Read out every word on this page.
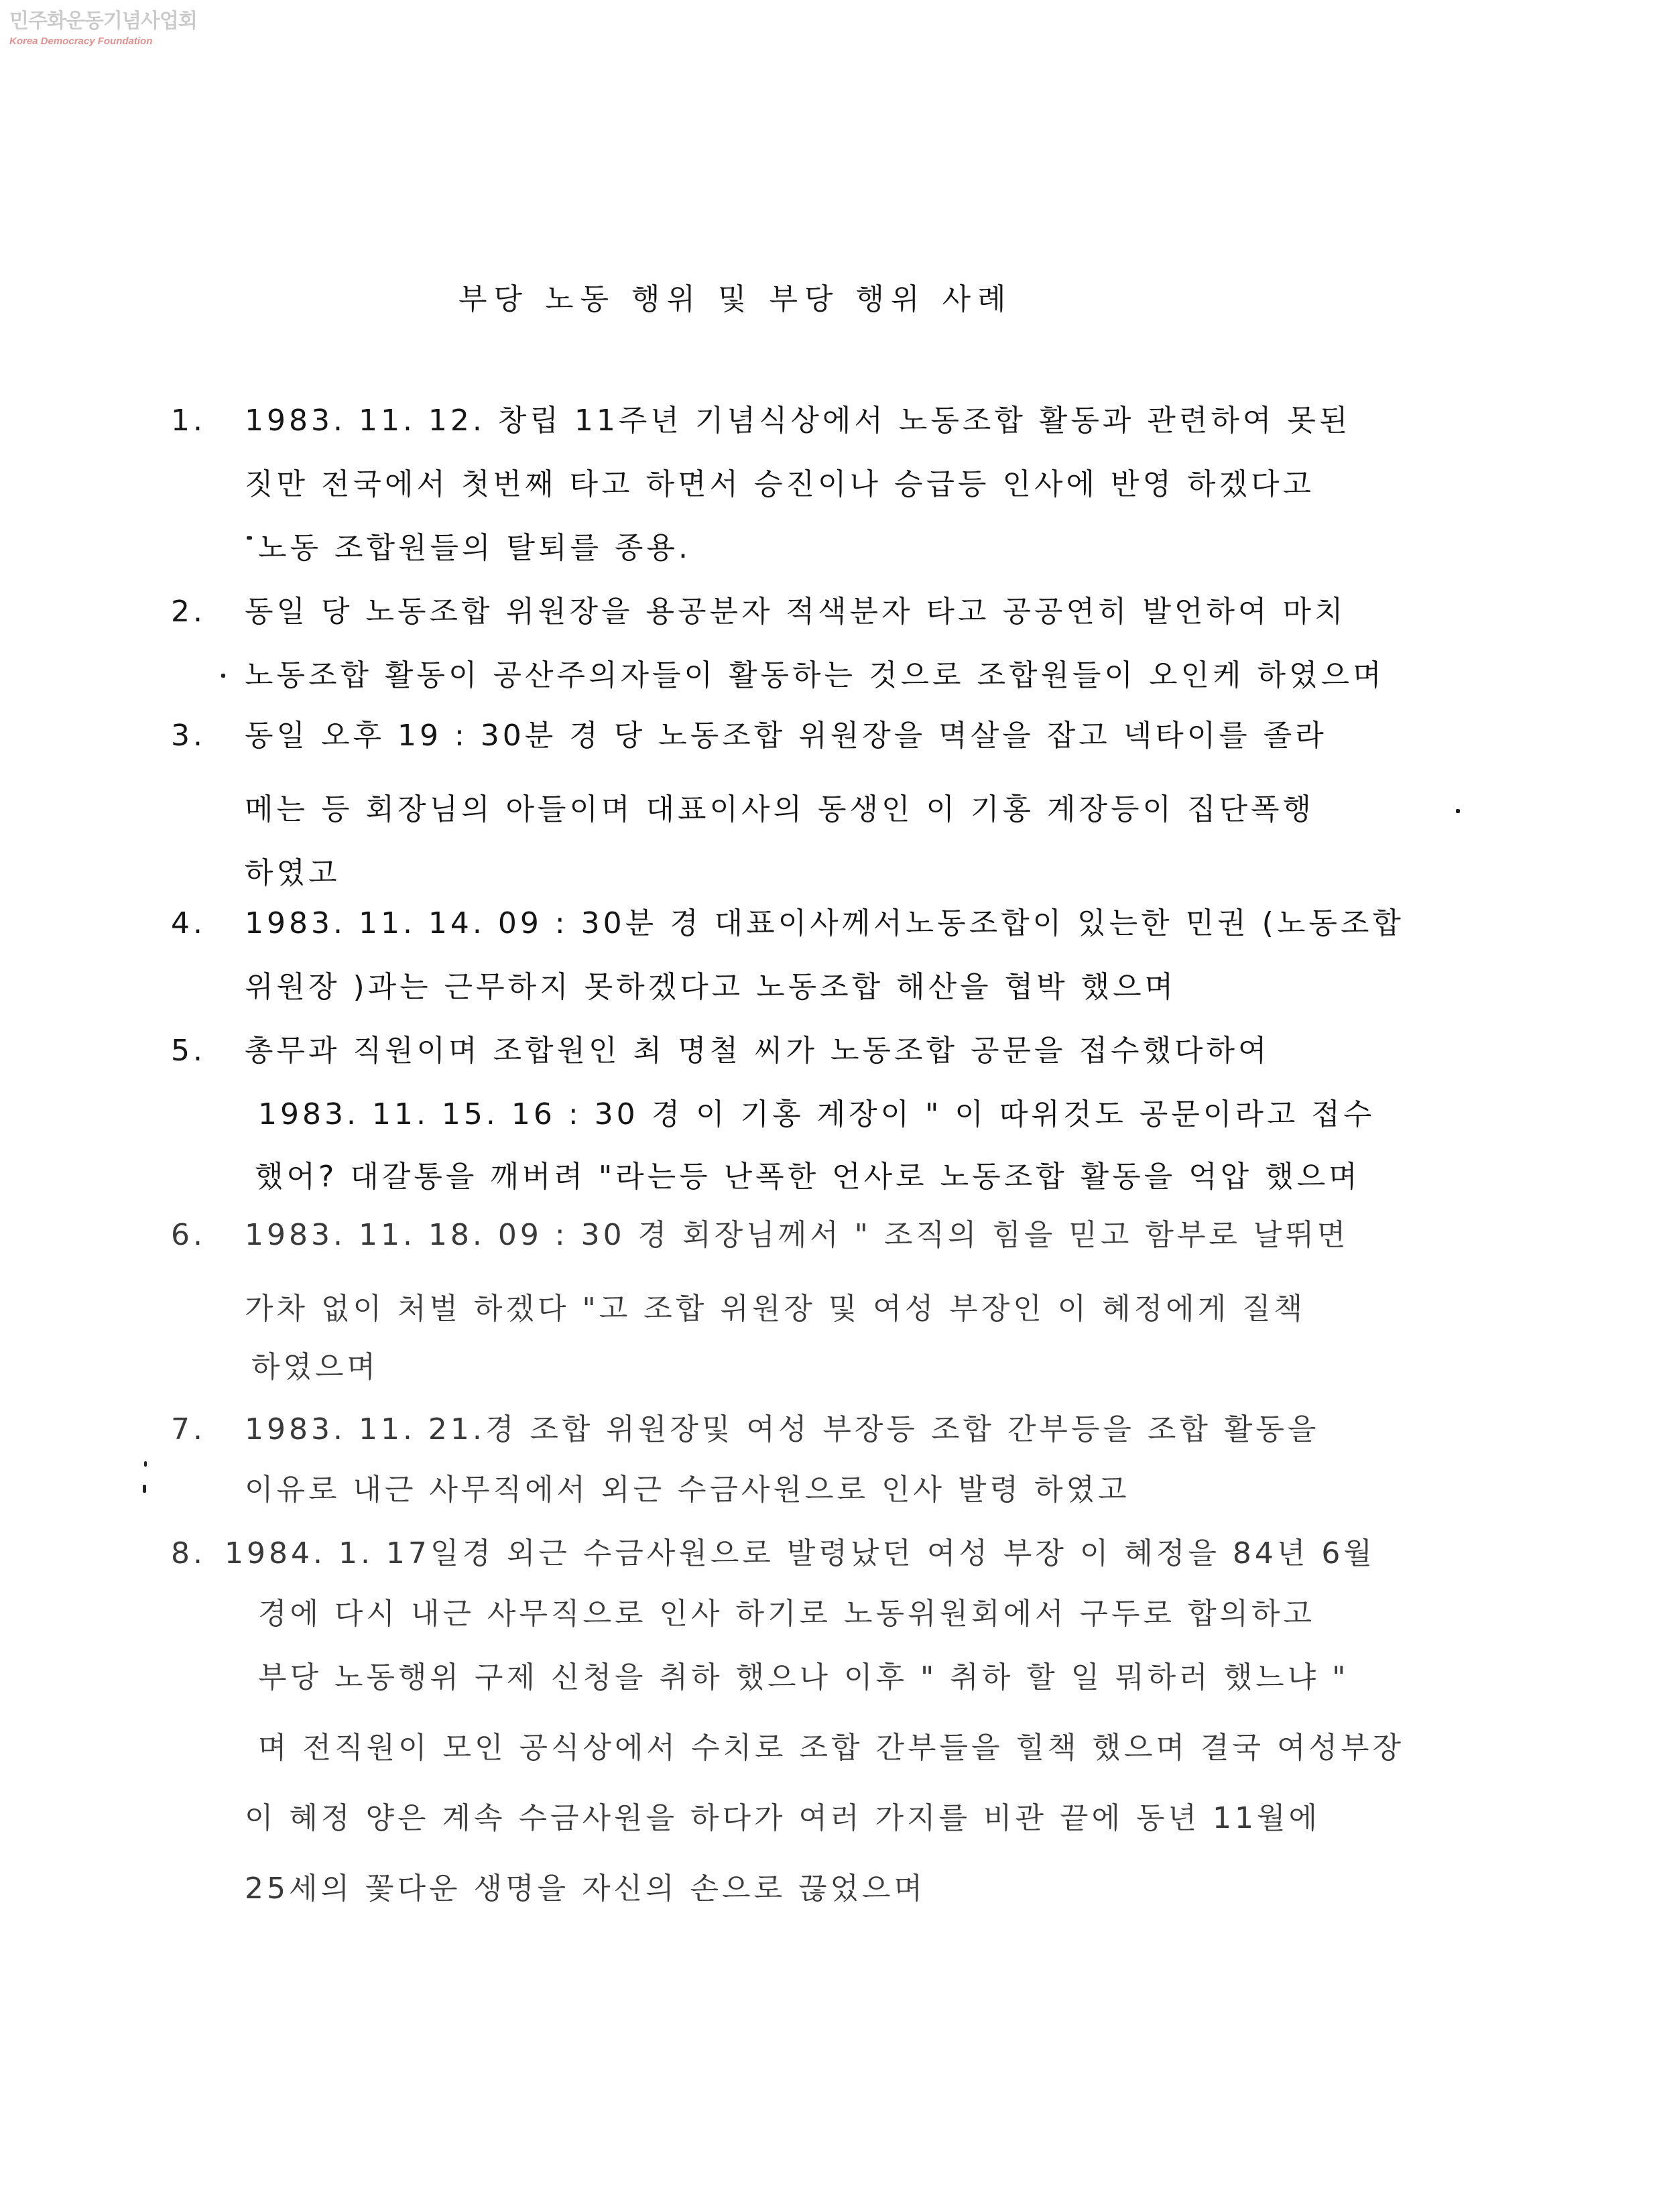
민주화운동기념사업회
Korea Democracy Foundation
부당 노동 행위 및 부당 행위 사례
1. 1983. 11. 12. 창립 11주년 기념식상에서 노동조합 활동과 관련하여 못된
짓만 전국에서 첫번째 타고 하면서 승진이나 승급등 인사에 반영 하겠다고
노동 조합원들의 탈퇴를 종용.
2. 동일 당 노동조합 위원장을 용공분자 적색분자 타고 공공연히 발언하여 마치
노동조합 활동이 공산주의자들이 활동하는 것으로 조합원들이 오인케 하였으며
3. 동일 오후 19 : 30분 경 당 노동조합 위원장을 멱살을 잡고 넥타이를 졸라
메는 등 회장님의 아들이며 대표이사의 동생인 이 기홍 계장등이 집단폭행
하였고
4. 1983. 11. 14. 09 : 30분 경 대표이사께서노동조합이 있는한 민권 (노동조합
위원장 )과는 근무하지 못하겠다고 노동조합 해산을 협박 했으며
5. 총무과 직원이며 조합원인 최 명철 씨가 노동조합 공문을 접수했다하여
1983. 11. 15. 16 : 30 경 이 기홍 계장이 " 이 따위것도 공문이라고 접수
했어? 대갈통을 깨버려 "라는등 난폭한 언사로 노동조합 활동을 억압 했으며
6. 1983. 11. 18. 09 : 30 경 회장님께서 " 조직의 힘을 믿고 함부로 날뛰면
가차 없이 처벌 하겠다 "고 조합 위원장 및 여성 부장인 이 혜정에게 질책
하였으며
7. 1983. 11. 21.경 조합 위원장및 여성 부장등 조합 간부등을 조합 활동을
이유로 내근 사무직에서 외근 수금사원으로 인사 발령 하였고
8. 1984. 1. 17일경 외근 수금사원으로 발령났던 여성 부장 이 혜정을 84년 6월
경에 다시 내근 사무직으로 인사 하기로 노동위원회에서 구두로 합의하고
부당 노동행위 구제 신청을 취하 했으나 이후 " 취하 할 일 뭐하러 했느냐 "
며 전직원이 모인 공식상에서 수치로 조합 간부들을 힐책 했으며 결국 여성부장
이 혜정 양은 계속 수금사원을 하다가 여러 가지를 비관 끝에 동년 11월에
25세의 꽃다운 생명을 자신의 손으로 끊었으며
